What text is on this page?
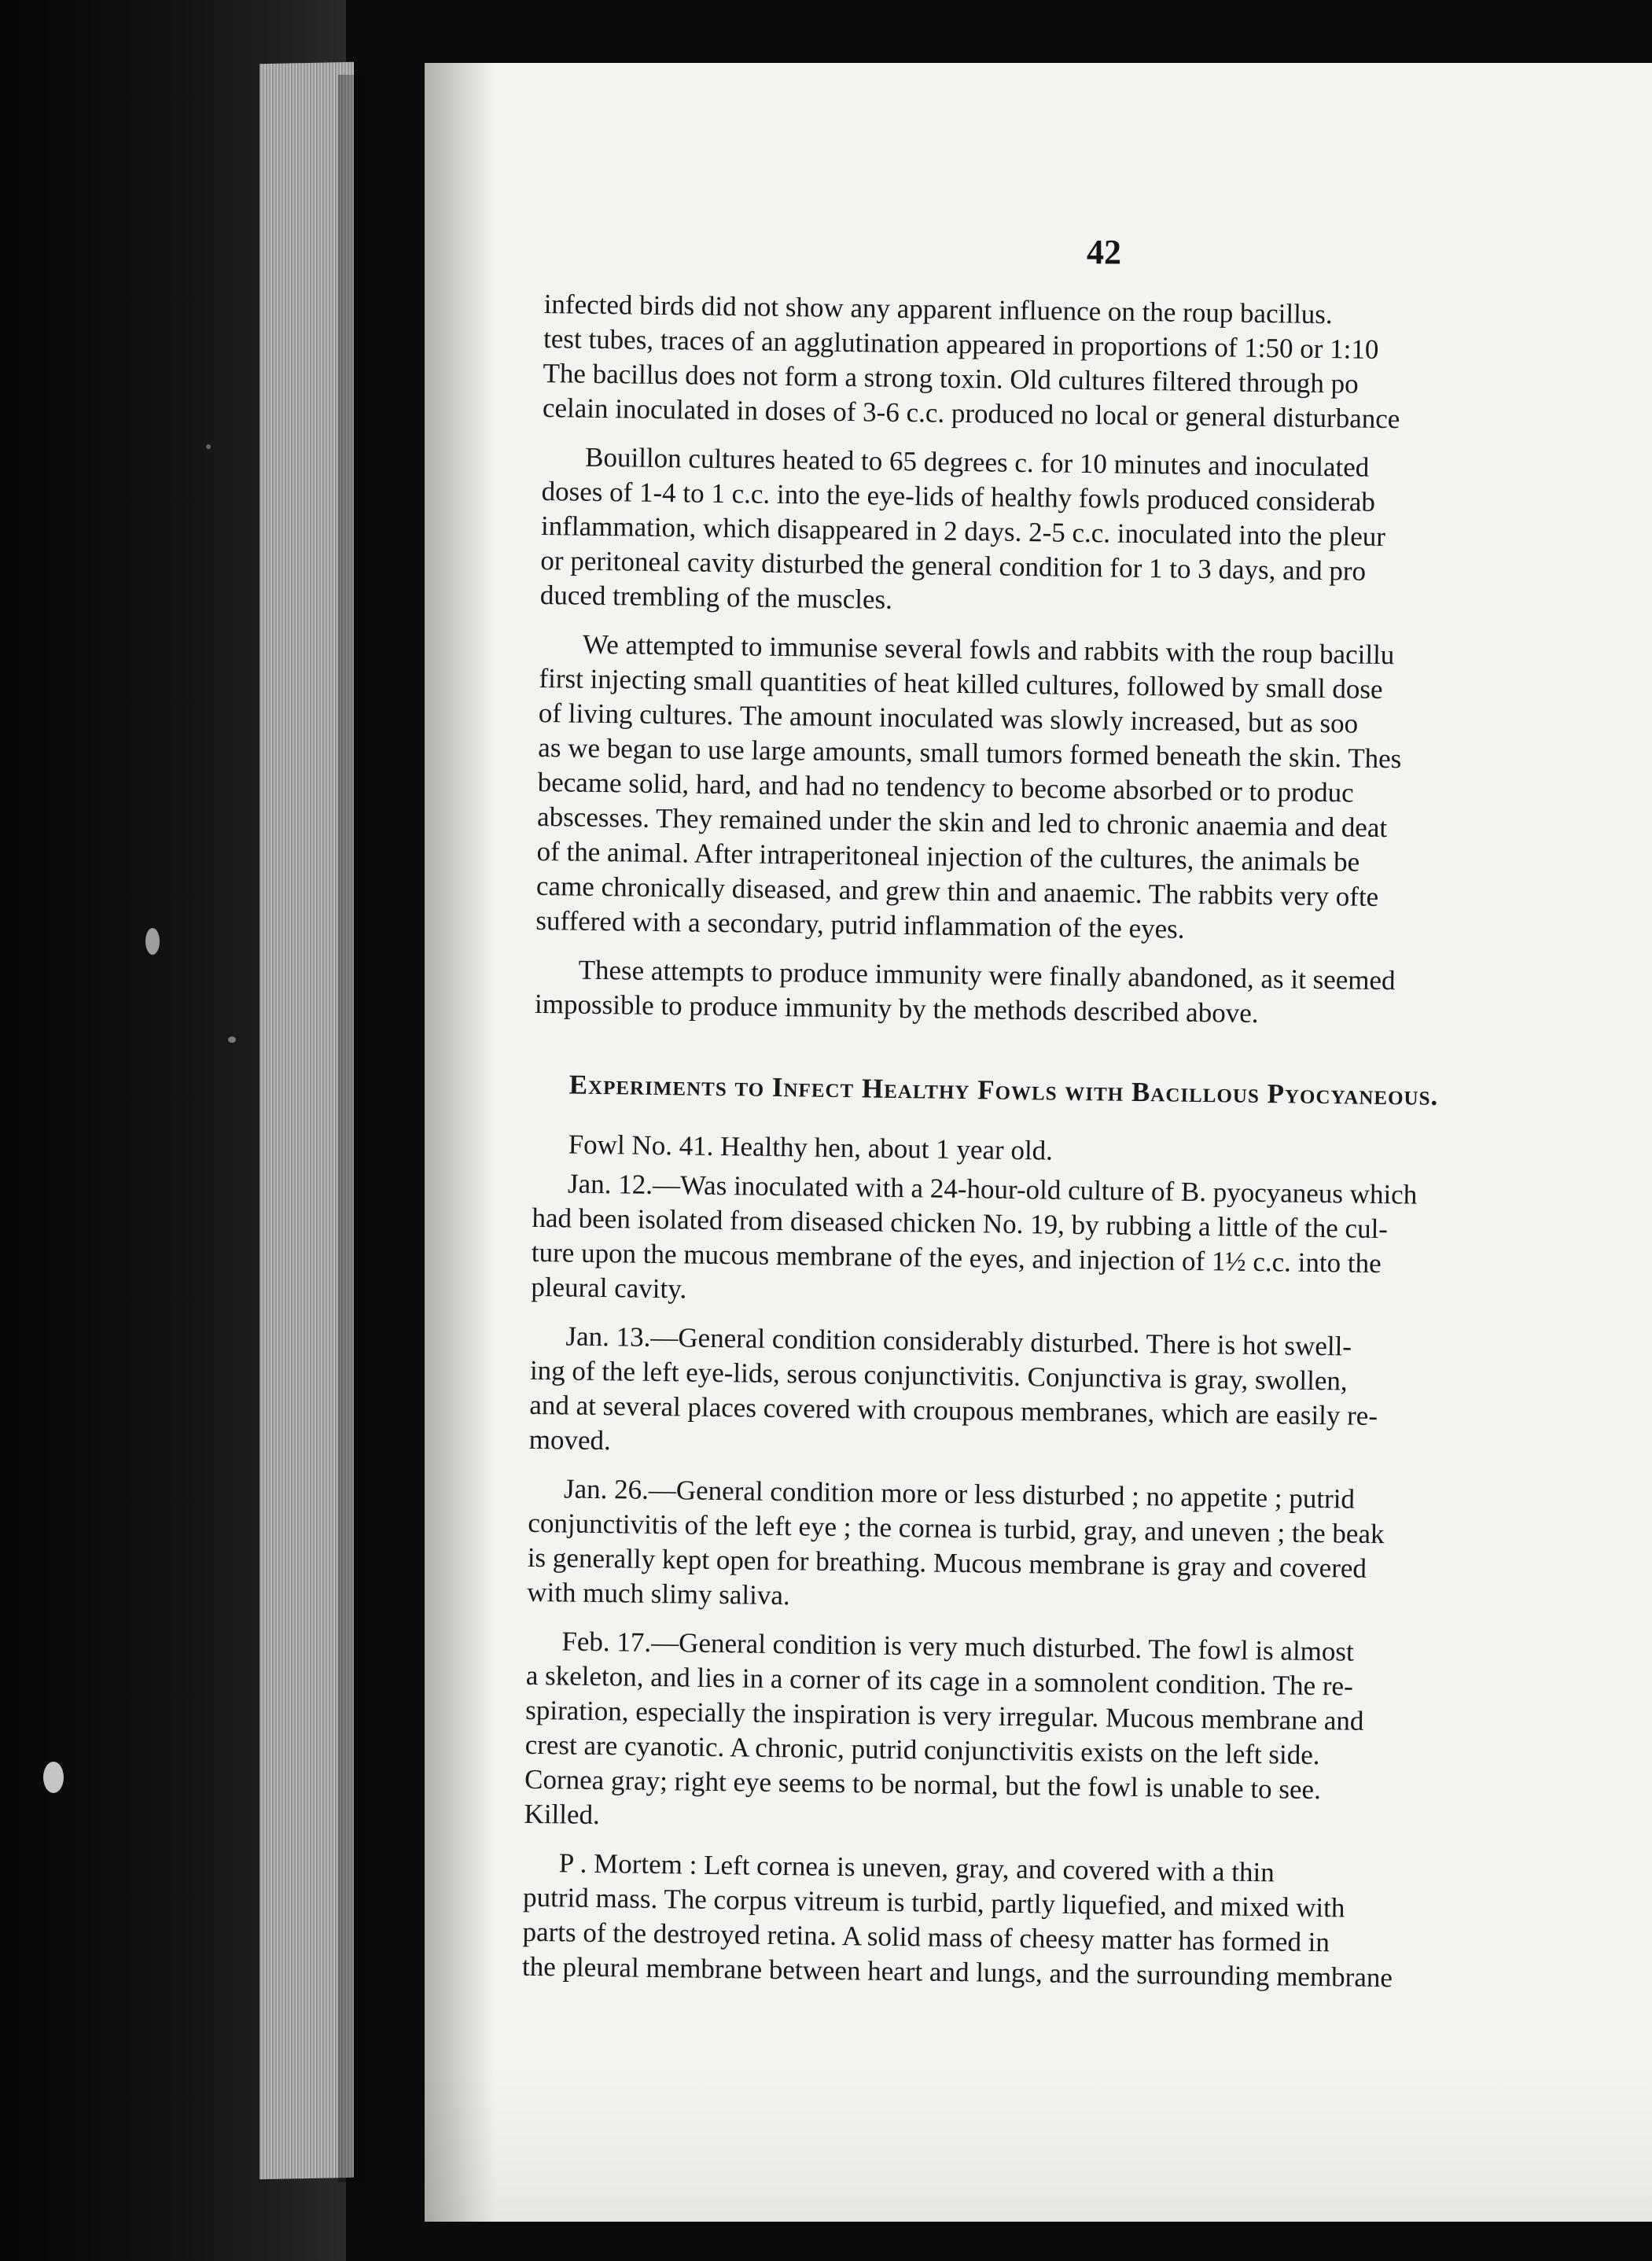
42
infected birds did not show any apparent influence on the roup bacillus.
test tubes, traces of an agglutination appeared in proportions of 1:50 or 1:10
The bacillus does not form a strong toxin. Old cultures filtered through po
celain inoculated in doses of 3-6 c.c. produced no local or general disturbance
Bouillon cultures heated to 65 degrees c. for 10 minutes and inoculated
doses of 1-4 to 1 c.c. into the eye-lids of healthy fowls produced considerab
inflammation, which disappeared in 2 days. 2-5 c.c. inoculated into the pleur
or peritoneal cavity disturbed the general condition for 1 to 3 days, and pro
duced trembling of the muscles.
We attempted to immunise several fowls and rabbits with the roup bacillu
first injecting small quantities of heat killed cultures, followed by small dose
of living cultures. The amount inoculated was slowly increased, but as soo
as we began to use large amounts, small tumors formed beneath the skin. Thes
became solid, hard, and had no tendency to become absorbed or to produc
abscesses. They remained under the skin and led to chronic anaemia and deat
of the animal. After intraperitoneal injection of the cultures, the animals be
came chronically diseased, and grew thin and anaemic. The rabbits very ofte
suffered with a secondary, putrid inflammation of the eyes.
These attempts to produce immunity were finally abandoned, as it seemed
impossible to produce immunity by the methods described above.
Experiments to Infect Healthy Fowls with Bacillous Pyocyaneous.
Fowl No. 41. Healthy hen, about 1 year old.
Jan. 12.—Was inoculated with a 24-hour-old culture of B. pyocyaneus which
had been isolated from diseased chicken No. 19, by rubbing a little of the cul-
ture upon the mucous membrane of the eyes, and injection of 1½ c.c. into the
pleural cavity.
Jan. 13.—General condition considerably disturbed. There is hot swell-
ing of the left eye-lids, serous conjunctivitis. Conjunctiva is gray, swollen,
and at several places covered with croupous membranes, which are easily re-
moved.
Jan. 26.—General condition more or less disturbed ; no appetite ; putrid
conjunctivitis of the left eye ; the cornea is turbid, gray, and uneven ; the beak
is generally kept open for breathing. Mucous membrane is gray and covered
with much slimy saliva.
Feb. 17.—General condition is very much disturbed. The fowl is almost
a skeleton, and lies in a corner of its cage in a somnolent condition. The re-
spiration, especially the inspiration is very irregular. Mucous membrane and
crest are cyanotic. A chronic, putrid conjunctivitis exists on the left side.
Cornea gray; right eye seems to be normal, but the fowl is unable to see.
Killed.
P . Mortem : Left cornea is uneven, gray, and covered with a thin
putrid mass. The corpus vitreum is turbid, partly liquefied, and mixed with
parts of the destroyed retina. A solid mass of cheesy matter has formed in
the pleural membrane between heart and lungs, and the surrounding membrane
